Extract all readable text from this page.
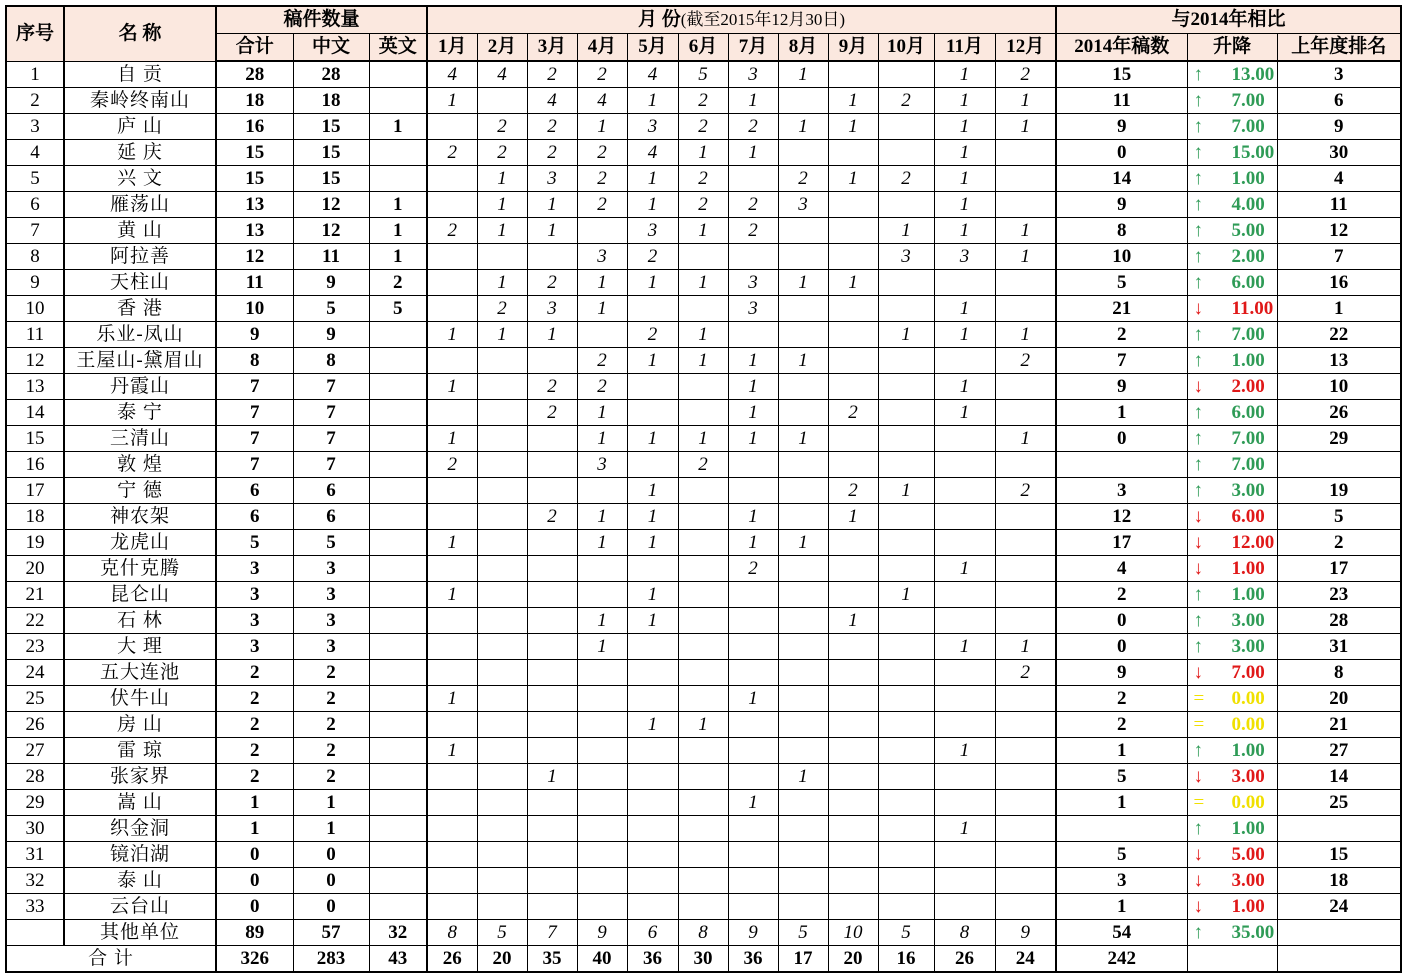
序号	名 称	稿件数量			月 份(截至2015年12月30日)												与2014年相比		
		合计	中文	英文	1月	2月	3月	4月	5月	6月	7月	8月	9月	10月	11月	12月	2014年稿数	升降	上年度排名
1	自 贡	28	28		4	4	2	2	4	5	3	1			1	2	15	↑ 13.00	3
2	秦岭终南山	18	18		1		4	4	1	2	1		1	2	1	1	11	↑ 7.00	6
3	庐 山	16	15	1		2	2	1	3	2	2	1	1		1	1	9	↑ 7.00	9
4	延 庆	15	15		2	2	2	2	4	1	1				1		0	↑ 15.00	30
5	兴 文	15	15			1	3	2	1	2		2	1	2	1		14	↑ 1.00	4
6	雁荡山	13	12	1		1	1	2	1	2	2	3			1		9	↑ 4.00	11
7	黄 山	13	12	1	2	1	1		3	1	2			1	1	1	8	↑ 5.00	12
8	阿拉善	12	11	1				3	2					3	3	1	10	↑ 2.00	7
9	天柱山	11	9	2		1	2	1	1	1	3	1	1				5	↑ 6.00	16
10	香 港	10	5	5		2	3	1			3				1		21	↓ 11.00	1
11	乐业-凤山	9	9		1	1	1		2	1				1	1	1	2	↑ 7.00	22
12	王屋山-黛眉山	8	8					2	1	1	1	1				2	7	↑ 1.00	13
13	丹霞山	7	7		1		2	2			1				1		9	↓ 2.00	10
14	泰 宁	7	7				2	1			1		2		1		1	↑ 6.00	26
15	三清山	7	7		1			1	1	1	1	1				1	0	↑ 7.00	29
16	敦 煌	7	7		2			3		2								↑ 7.00	
17	宁 德	6	6						1				2	1		2	3	↑ 3.00	19
18	神农架	6	6				2	1	1		1		1				12	↓ 6.00	5
19	龙虎山	5	5		1			1	1		1	1					17	↓ 12.00	2
20	克什克腾	3	3								2				1		4	↓ 1.00	17
21	昆仑山	3	3		1				1					1			2	↑ 1.00	23
22	石 林	3	3					1	1				1				0	↑ 3.00	28
23	大 理	3	3					1							1	1	0	↑ 3.00	31
24	五大连池	2	2													2	9	↓ 7.00	8
25	伏牛山	2	2		1						1						2	= 0.00	20
26	房 山	2	2						1	1							2	= 0.00	21
27	雷 琼	2	2		1										1		1	↑ 1.00	27
28	张家界	2	2				1					1					5	↓ 3.00	14
29	嵩 山	1	1								1						1	= 0.00	25
30	织金洞	1	1												1			↑ 1.00	
31	镜泊湖	0	0														5	↓ 5.00	15
32	泰 山	0	0														3	↓ 3.00	18
33	云台山	0	0														1	↓ 1.00	24
	其他单位	89	57	32	8	5	7	9	6	8	9	5	10	5	8	9	54	↑ 35.00	
合 计		326	283	43	26	20	35	40	36	30	36	17	20	16	26	24	242		
